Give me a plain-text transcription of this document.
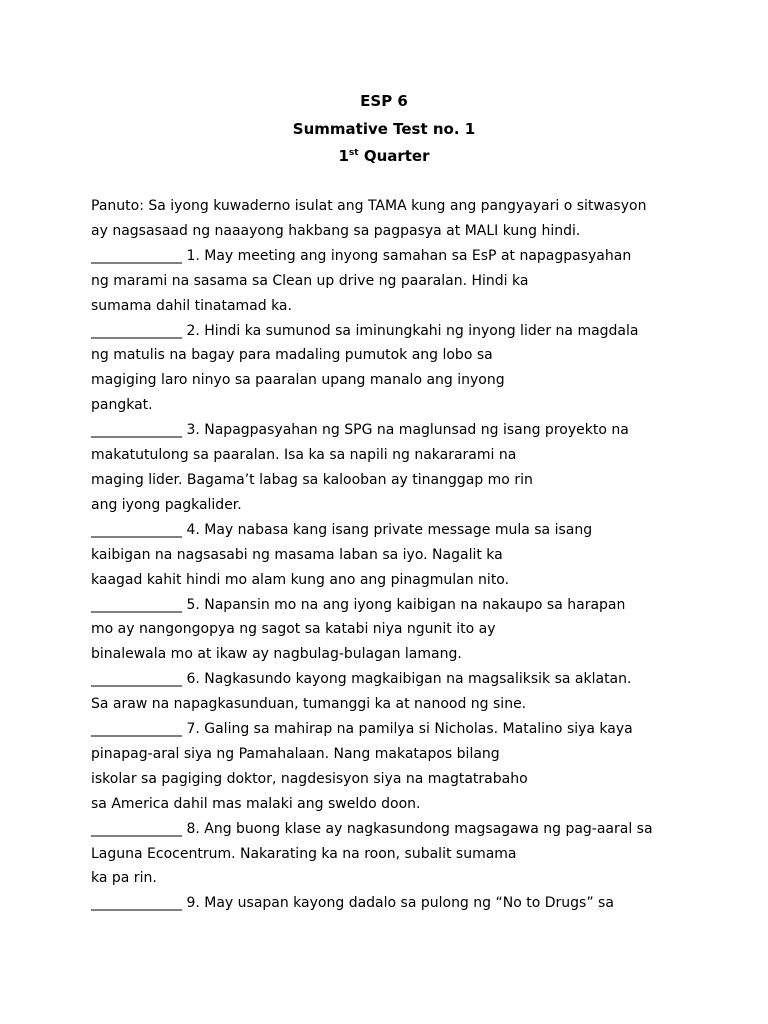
ESP 6
Summative Test no. 1
1st Quarter
Panuto: Sa iyong kuwaderno isulat ang TAMA kung ang pangyayari o sitwasyon
ay nagsasaad ng naaayong hakbang sa pagpasya at MALI kung hindi.
_____________ 1. May meeting ang inyong samahan sa EsP at napagpasyahan
ng marami na sasama sa Clean up drive ng paaralan. Hindi ka
sumama dahil tinatamad ka.
_____________ 2. Hindi ka sumunod sa iminungkahi ng inyong lider na magdala
ng matulis na bagay para madaling pumutok ang lobo sa
magiging laro ninyo sa paaralan upang manalo ang inyong
pangkat.
_____________ 3. Napagpasyahan ng SPG na maglunsad ng isang proyekto na
makatutulong sa paaralan. Isa ka sa napili ng nakararami na
maging lider. Bagama’t labag sa kalooban ay tinanggap mo rin
ang iyong pagkalider.
_____________ 4. May nabasa kang isang private message mula sa isang
kaibigan na nagsasabi ng masama laban sa iyo. Nagalit ka
kaagad kahit hindi mo alam kung ano ang pinagmulan nito.
_____________ 5. Napansin mo na ang iyong kaibigan na nakaupo sa harapan
mo ay nangongopya ng sagot sa katabi niya ngunit ito ay
binalewala mo at ikaw ay nagbulag-bulagan lamang.
_____________ 6. Nagkasundo kayong magkaibigan na magsaliksik sa aklatan.
Sa araw na napagkasunduan, tumanggi ka at nanood ng sine.
_____________ 7. Galing sa mahirap na pamilya si Nicholas. Matalino siya kaya
pinapag-aral siya ng Pamahalaan. Nang makatapos bilang
iskolar sa pagiging doktor, nagdesisyon siya na magtatrabaho
sa America dahil mas malaki ang sweldo doon.
_____________ 8. Ang buong klase ay nagkasundong magsagawa ng pag-aaral sa
Laguna Ecocentrum. Nakarating ka na roon, subalit sumama
ka pa rin.
_____________ 9. May usapan kayong dadalo sa pulong ng “No to Drugs” sa
